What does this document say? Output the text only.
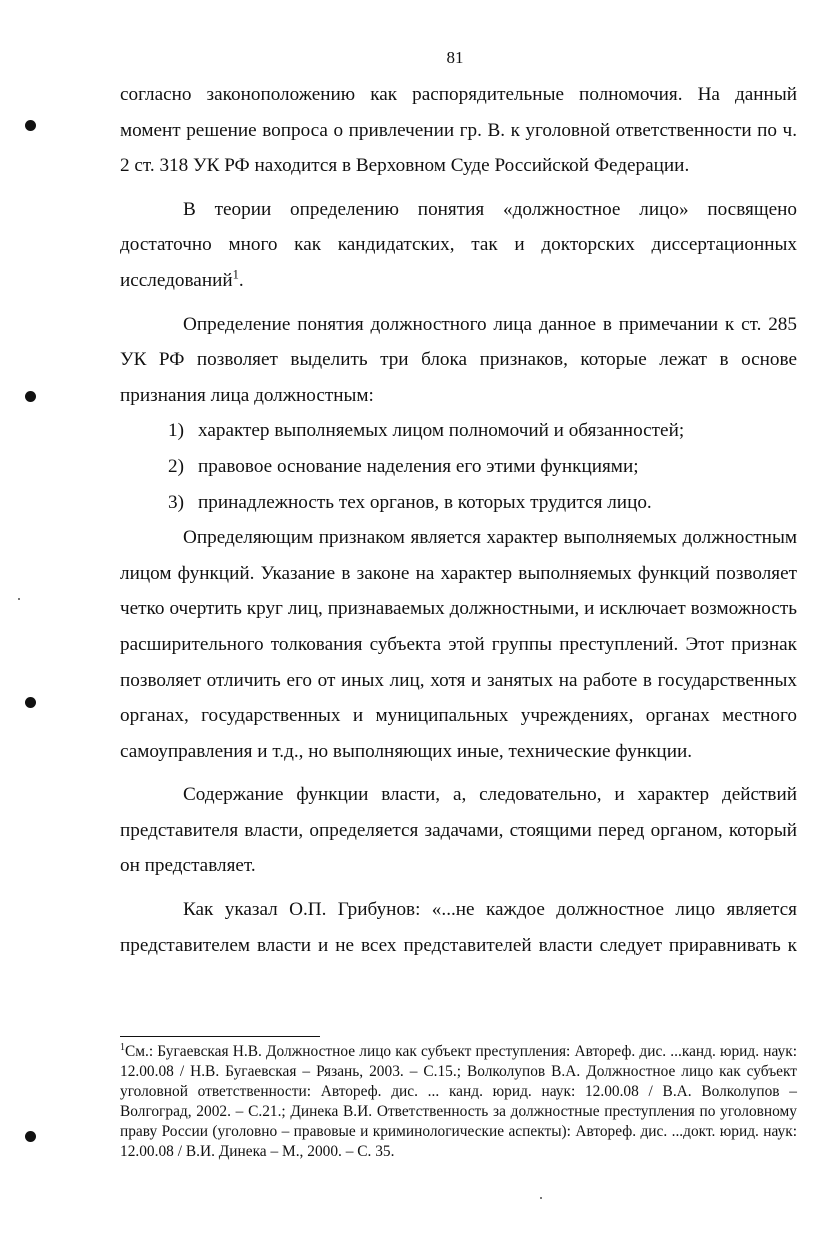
81

согласно законоположению как распорядительные полномочия. На данный момент решение вопроса о привлечении гр. В. к уголовной ответственности по ч. 2 ст. 318 УК РФ находится в Верховном Суде Российской Федерации.

В теории определению понятия «должностное лицо» посвящено достаточно много как кандидатских, так и докторских диссертационных исследований$^1$.

Определение понятия должностного лица данное в примечании к ст. 285 УК РФ позволяет выделить три блока признаков, которые лежат в основе признания лица должностным:

1) характер выполняемых лицом полномочий и обязанностей;
2) правовое основание наделения его этими функциями;
3) принадлежность тех органов, в которых трудится лицо.

Определяющим признаком является характер выполняемых должностным лицом функций. Указание в законе на характер выполняемых функций позволяет четко очертить круг лиц, признаваемых должностными, и исключает возможность расширительного толкования субъекта этой группы преступлений. Этот признак позволяет отличить его от иных лиц, хотя и занятых на работе в государственных органах, государственных и муниципальных учреждениях, органах местного самоуправления и т.д., но выполняющих иные, технические функции.

Содержание функции власти, а, следовательно, и характер действий представителя власти, определяется задачами, стоящими перед органом, который он представляет.

Как указал О.П. Грибунов: «...не каждое должностное лицо является представителем власти и не всех представителей власти следует приравнивать к

$^1$См.: Бугаевская Н.В. Должностное лицо как субъект преступления: Автореф. дис. ...канд. юрид. наук: 12.00.08 / Н.В. Бугаевская – Рязань, 2003. – С.15.; Волколупов В.А. Должностное лицо как субъект уголовной ответственности: Автореф. дис. ... канд. юрид. наук: 12.00.08 / В.А. Волколупов – Волгоград, 2002. – С.21.; Динека В.И. Ответственность за должностные преступления по уголовному праву России (уголовно – правовые и криминологические аспекты): Автореф. дис. ...докт. юрид. наук: 12.00.08 / В.И. Динека – М., 2000. – С. 35.
